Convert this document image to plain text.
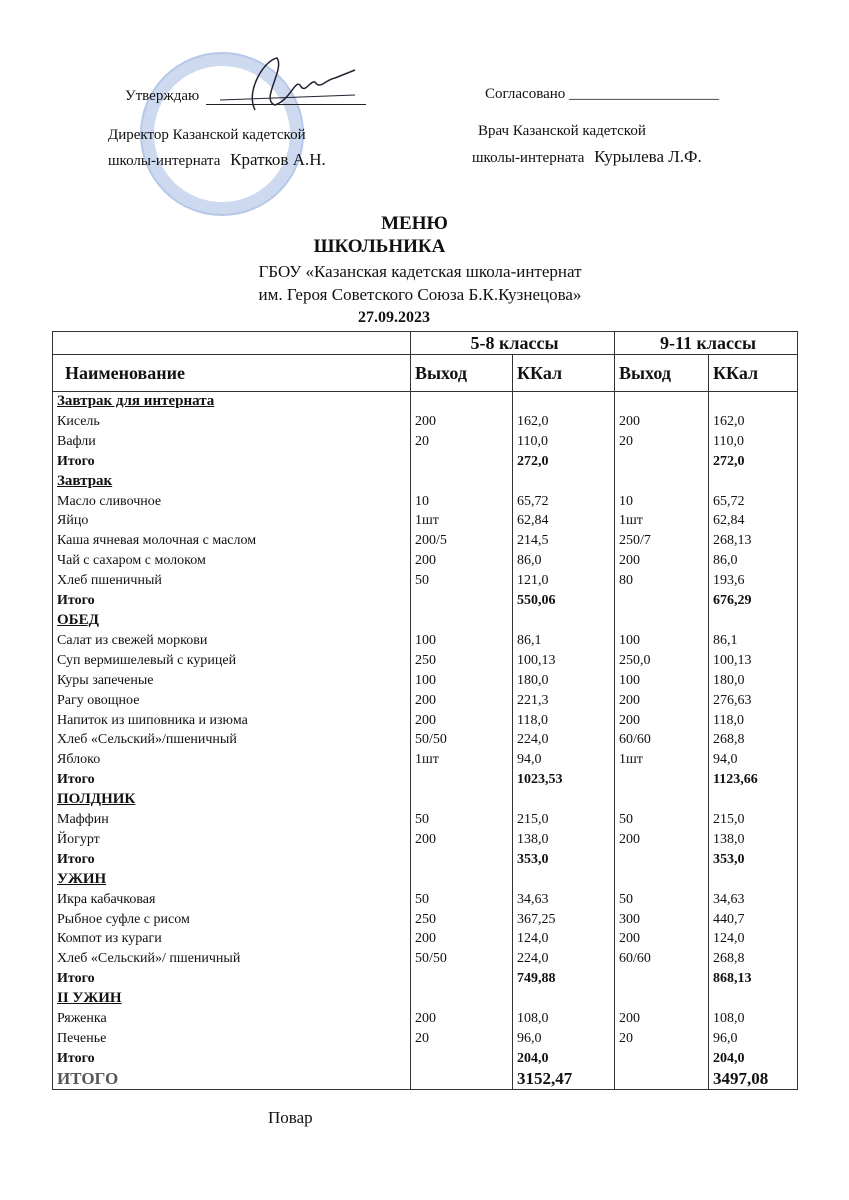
Утверждаю
Директор Казанской кадетской
школы-интерната Кратков А.Н.
Согласовано ____________________
Врач Казанской кадетской
школы-интерната Курылева Л.Ф.
МЕНЮ
ШКОЛЬНИКА
ГБОУ «Казанская кадетская школа-интернат
им. Героя Советского Союза Б.К.Кузнецова»
27.09.2023
	5-8 классы		9-11 классы	
Наименование	Выход	ККал	Выход	ККал
Завтрак для интерната				
Кисель	200	162,0	200	162,0
Вафли	20	110,0	20	110,0
Итого		272,0		272,0
Завтрак				
Масло сливочное	10	65,72	10	65,72
Яйцо	1шт	62,84	1шт	62,84
Каша ячневая молочная с маслом	200/5	214,5	250/7	268,13
Чай с сахаром с молоком	200	86,0	200	86,0
Хлеб пшеничный	50	121,0	80	193,6
Итого		550,06		676,29
ОБЕД				
Салат из свежей моркови	100	86,1	100	86,1
Суп вермишелевый с курицей	250	100,13	250,0	100,13
Куры запеченые	100	180,0	100	180,0
Рагу овощное	200	221,3	200	276,63
Напиток из шиповника и изюма	200	118,0	200	118,0
Хлеб «Сельский»/пшеничный	50/50	224,0	60/60	268,8
Яблоко	1шт	94,0	1шт	94,0
Итого		1023,53		1123,66
ПОЛДНИК				
Маффин	50	215,0	50	215,0
Йогурт	200	138,0	200	138,0
Итого		353,0		353,0
УЖИН				
Икра кабачковая	50	34,63	50	34,63
Рыбное суфле с рисом	250	367,25	300	440,7
Компот из кураги	200	124,0	200	124,0
Хлеб «Сельский»/ пшеничный	50/50	224,0	60/60	268,8
Итого		749,88		868,13
II УЖИН				
Ряженка	200	108,0	200	108,0
Печенье	20	96,0	20	96,0
Итого		204,0		204,0
ИТОГО		3152,47		3497,08
Повар
